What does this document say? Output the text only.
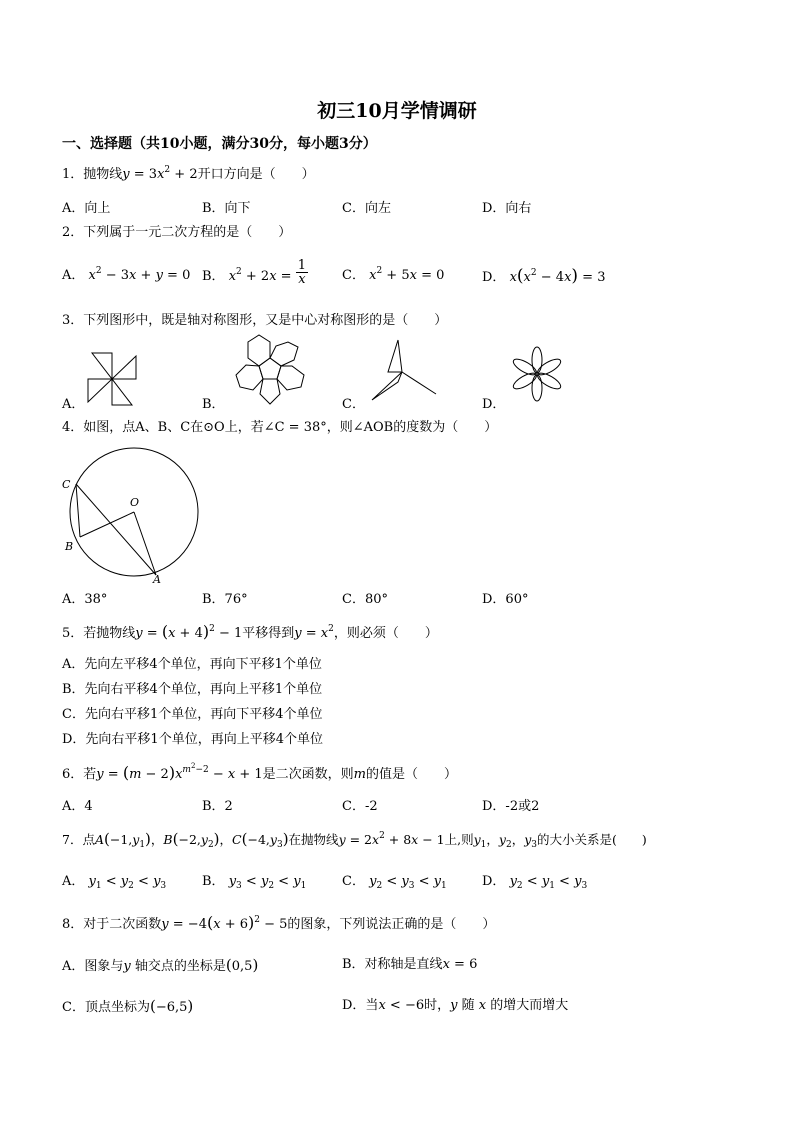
初三10月学情调研
一、选择题（共10小题，满分30分，每小题3分）
1．抛物线$y = 3x^2 + 2$开口方向是（　　）
A．向上	B．向下	C．向左	D．向右
2．下列属于一元二次方程的是（　　）
A． $x^2 - 3x + y = 0$ B． $x^2 + 2x = \frac{1}{x}$	C． $x^2 + 5x = 0$	D． $x(x^2 - 4x) = 3$
3．下列图形中，既是轴对称图形，又是中心对称图形的是（　　）
A．	B．	C．	D．
4．如图，点A、B、C在⊙O上，若∠C = 38°，则∠AOB的度数为（　　）
C
O
B
A
A．38°	B．76°	C．80°	D．60°
5．若抛物线$y = (x + 4)^2 - 1$平移得到$y = x^2$，则必须（　　）
A．先向左平移4个单位，再向下平移1个单位
B．先向右平移4个单位，再向上平移1个单位
C．先向右平移1个单位，再向下平移4个单位
D．先向右平移1个单位，再向上平移4个单位
6．若$y = (m - 2)x^{m^2-2} - x + 1$是二次函数，则m的值是（　　）
A．4	B．2	C．-2	D．-2或2
7．点$A(-1,y_1)$，$B(-2,y_2)$，$C(-4,y_3)$在抛物线$y = 2x^2 + 8x - 1$上,则$y_1$，$y_2$，$y_3$的大小关系是(　　)
A． $y_1 < y_2 < y_3$	B． $y_3 < y_2 < y_1$	C． $y_2 < y_3 < y_1$	D． $y_2 < y_1 < y_3$
8．对于二次函数$y = -4(x + 6)^2 - 5$的图象，下列说法正确的是（　　）
A．图象与y 轴交点的坐标是(0,5)	B．对称轴是直线x = 6
C．顶点坐标为(−6,5)	D．当x < −6时，y 随 x 的增大而增大
